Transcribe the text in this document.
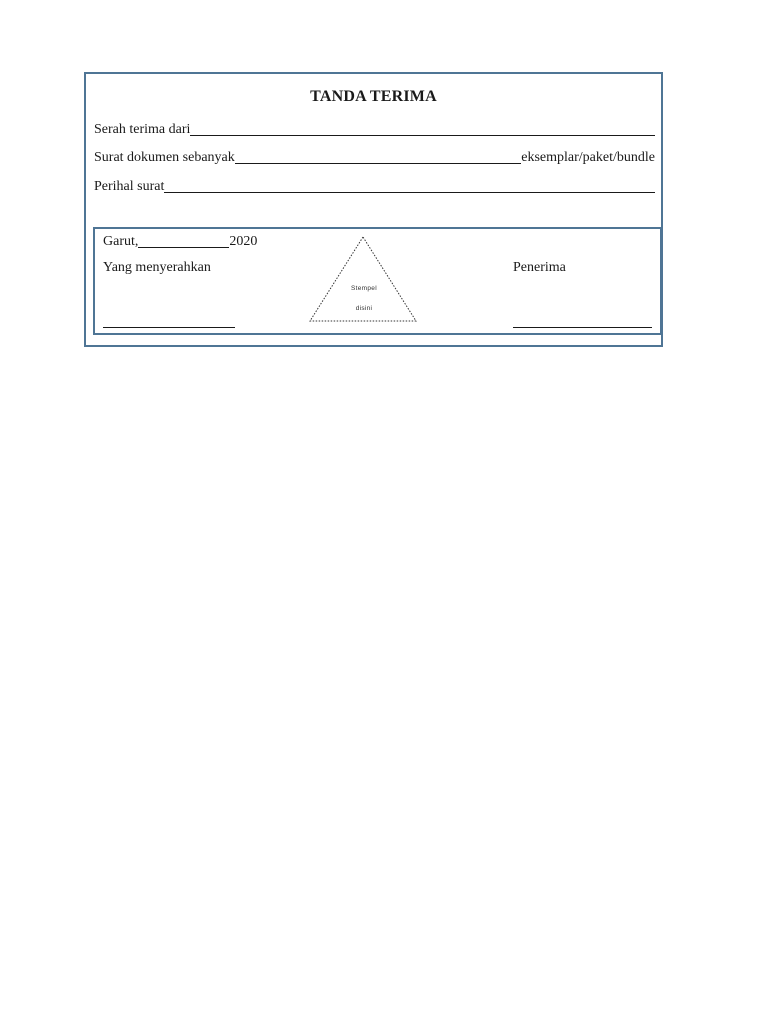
TANDA TERIMA
Serah terima dari
Surat dokumen sebanyak	eksemplar/paket/bundle
Perihal surat
Garut,	2020
Yang menyerahkan	Penerima
Stempel
disini
